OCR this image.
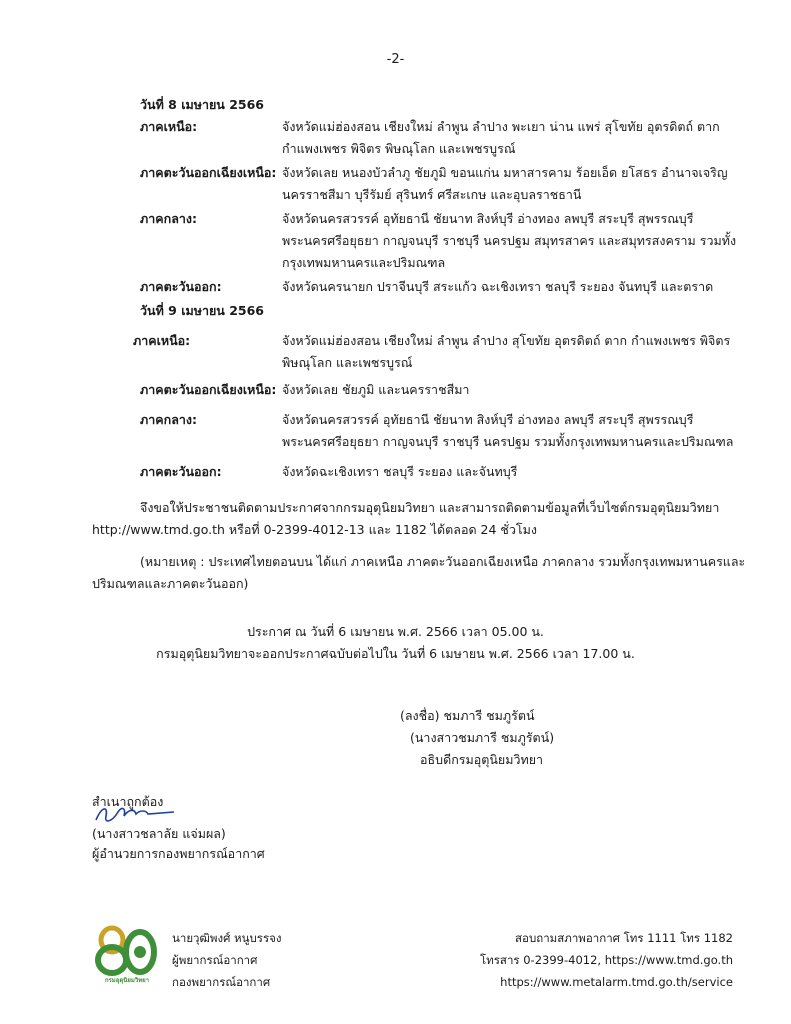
-2-
วันที่ 8 เมษายน 2566
ภาคเหนือ:	จังหวัดแม่ฮ่องสอน เชียงใหม่ ลำพูน ลำปาง พะเยา น่าน แพร่ สุโขทัย อุตรดิตถ์ ตาก
กำแพงเพชร พิจิตร พิษณุโลก และเพชรบูรณ์
ภาคตะวันออกเฉียงเหนือ: จังหวัดเลย หนองบัวลำภู ชัยภูมิ ขอนแก่น มหาสารคาม ร้อยเอ็ด ยโสธร อำนาจเจริญ
นครราชสีมา บุรีรัมย์ สุรินทร์ ศรีสะเกษ และอุบลราชธานี
ภาคกลาง:	จังหวัดนครสวรรค์ อุทัยธานี ชัยนาท สิงห์บุรี อ่างทอง ลพบุรี สระบุรี สุพรรณบุรี
พระนครศรีอยุธยา กาญจนบุรี ราชบุรี นครปฐม สมุทรสาคร และสมุทรสงคราม รวมทั้ง
กรุงเทพมหานครและปริมณฑล
ภาคตะวันออก:	จังหวัดนครนายก ปราจีนบุรี สระแก้ว ฉะเชิงเทรา ชลบุรี ระยอง จันทบุรี และตราด
วันที่ 9 เมษายน 2566
ภาคเหนือ:	จังหวัดแม่ฮ่องสอน เชียงใหม่ ลำพูน ลำปาง สุโขทัย อุตรดิตถ์ ตาก กำแพงเพชร พิจิตร
พิษณุโลก และเพชรบูรณ์
ภาคตะวันออกเฉียงเหนือ: จังหวัดเลย ชัยภูมิ และนครราชสีมา
ภาคกลาง:	จังหวัดนครสวรรค์ อุทัยธานี ชัยนาท สิงห์บุรี อ่างทอง ลพบุรี สระบุรี สุพรรณบุรี
พระนครศรีอยุธยา กาญจนบุรี ราชบุรี นครปฐม รวมทั้งกรุงเทพมหานครและปริมณฑล
ภาคตะวันออก:	จังหวัดฉะเชิงเทรา ชลบุรี ระยอง และจันทบุรี
จึงขอให้ประชาชนติดตามประกาศจากกรมอุตุนิยมวิทยา และสามารถติดตามข้อมูลที่เว็บไซต์กรมอุตุนิยมวิทยา
http://www.tmd.go.th หรือที่ 0-2399-4012-13 และ 1182 ได้ตลอด 24 ชั่วโมง
(หมายเหตุ : ประเทศไทยตอนบน ได้แก่ ภาคเหนือ ภาคตะวันออกเฉียงเหนือ ภาคกลาง รวมทั้งกรุงเทพมหานครและ
ปริมณฑลและภาคตะวันออก)
ประกาศ ณ วันที่ 6 เมษายน พ.ศ. 2566 เวลา 05.00 น.
กรมอุตุนิยมวิทยาจะออกประกาศฉบับต่อไปใน วันที่ 6 เมษายน พ.ศ. 2566 เวลา 17.00 น.
(ลงชื่อ) ชมภารี ชมภูรัตน์
(นางสาวชมภารี ชมภูรัตน์)
อธิบดีกรมอุตุนิยมวิทยา
สำเนาถูกต้อง
(นางสาวชลาลัย แจ่มผล)
ผู้อำนวยการกองพยากรณ์อากาศ
กรมอุตุนิยมวิทยา
นายวุฒิพงศ์ หนูบรรจง
ผู้พยากรณ์อากาศ
กองพยากรณ์อากาศ
สอบถามสภาพอากาศ โทร 1111 โทร 1182
โทรสาร 0-2399-4012, https://www.tmd.go.th
https://www.metalarm.tmd.go.th/service
